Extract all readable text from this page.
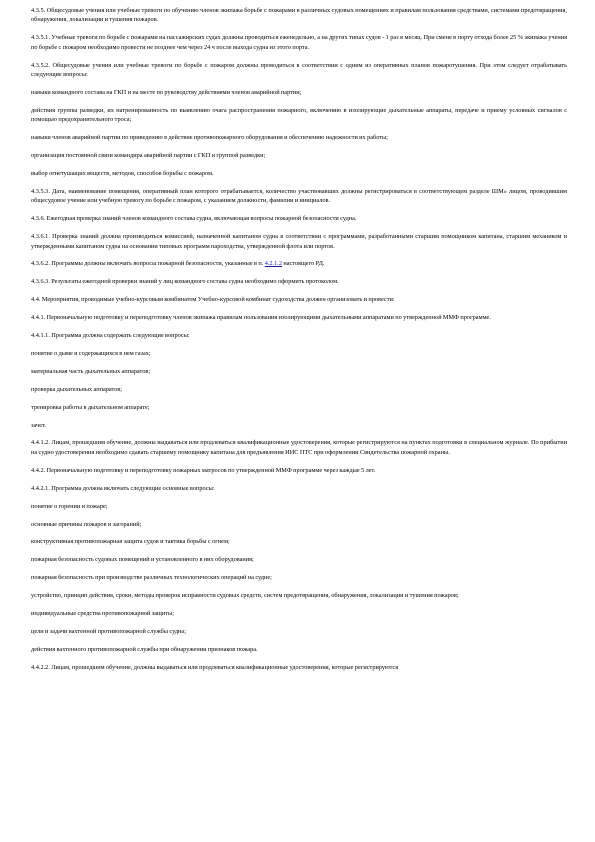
4.3.5. Общесудовые учения или учебные тревоги по обучению членов экипажа борьбе с пожарами в различных судовых помещениях и правилам пользования средствами, системами предотвращения, обнаружения, локализации и тушения пожаров.

4.3.5.1. Учебные тревоги по борьбе с пожарами на пассажирских судах должны проводиться еженедельно, а на других типах судов - 1 раз в месяц. При смене в порту отхода более 25 % экипажа учения по борьбе с пожаром необходимо провести не позднее чем через 24 ч после выхода судна из этого порта.

4.3.5.2. Общесудовые учения или учебные тревоги по борьбе с пожаром должны проводиться в соответствии с одним из оперативных планов пожаротушения. При этом следует отрабатывать следующие вопросы:

навыки командного состава на ГКП и на месте по руководству действиями членов аварийной партии;

действия группы разведки, их натренированность по выявлению очага распространения пожарного, включению в изолирующие дыхательные аппараты, передаче и приему условных сигналов с помощью предохранительного троса;

навыки членов аварийной партии по приведению в действие противопожарного оборудования и обеспечению надежности их работы;

организация постоянной связи командира аварийной партии с ГКП и группой разведки;

выбор огнетушащих веществ, методов, способов борьбы с пожаром.

4.3.5.3. Дата, наименование помещения, оперативный план которого отрабатывается, количество участвовавших должны регистрироваться в соответствующем разделе ШМ» лицом, проводившим общесудовое учение или учебную тревогу по борьбе с пожаром, с указанием должности, фамилии и инициалов.

4.3.6. Ежегодная проверка знаний членов командного состава судна, включающая вопросы пожарной безопасности судна.

4.3.6.1. Проверка знаний должна производиться комиссией, назначенной капитаном судна в соответствии с программами, разработанными старшим помощником капитана, старшим механиком и утвержденными капитаном судна на основании типовых программ пароходства, утвержденной флота или портов.

4.3.6.2. Программы должны включать вопросы пожарной безопасности, указанные в п. 4.2.1.2 настоящего РД.

4.3.6.3. Результаты ежегодной проверки знаний у лиц командного состава судна необходимо оформить протоколом.

4.4. Мероприятия, проводимые учебно-курсовым комбинатом Учебно-курсовой комбинат судоходства должен организовать и провести:

4.4.1. Первоначальную подготовку и переподготовку членов экипажа правилам пользования изолирующими дыхательными аппаратами по утвержденной ММФ программе.

4.4.1.1. Программа должна содержать следующие вопросы:

понятие о дыме и содержащихся в нем газах;

материальная часть дыхательных аппаратов;

проверка дыхательных аппаратов;

тренировка работы в дыхательном аппарате;

зачет.

4.4.1.2. Лицам, прошедшим обучение, должны выдаваться или продлеваться квалификационные удостоверения, которые регистрируются на пунктах подготовки в специальном журнале. По прибытии на судно удостоверения необходимо сдавать старшему помощнику капитана для предъявления ИИС ПТС при оформлении Свидетельства пожарной охраны.

4.4.2. Первоначальную подготовку и переподготовку пожарных матросов по утвержденной ММФ программе через каждые 5 лет.

4.4.2.1. Программа должна включать следующие основные вопросы:

понятие о горении и пожаре;

основные причины пожаров и загораний;

конструктивная противопожарная защита судов и тактика борьбы с огнем;

пожарная безопасность судовых помещений и установленного в них оборудования;

пожарная безопасность при производстве различных технологических операций на судне;

устройство, принцип действия, сроки, методы проверок исправности судовых средств, систем предотвращения, обнаружения, локализации и тушения пожаров;

индивидуальные средства противопожарной защиты;

цели и задачи вахтенной противопожарной службы судна;

действия вахтенного противопожарной службы при обнаружении признаков пожара.

4.4.2.2. Лицам, прошедшим обучение, должны выдаваться или продлеваться квалификационные удостоверения, которые регистрируются
